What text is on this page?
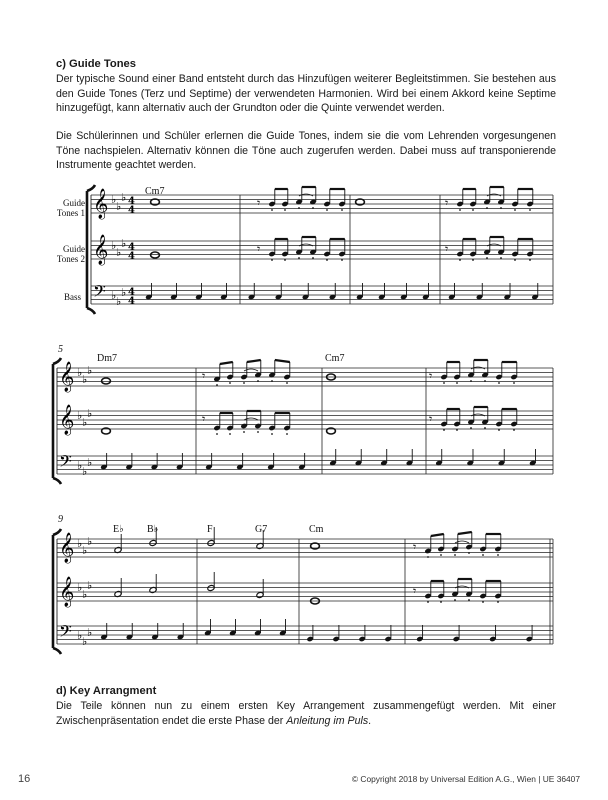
c) Guide Tones
Der typische Sound einer Band entsteht durch das Hinzufügen weiterer Begleitstimmen. Sie bestehen aus den Guide Tones (Terz und Septime) der verwendeten Harmonien. Wird bei einem Akkord keine Septime hinzugefügt, kann alternativ auch der Grundton oder die Quinte verwendet werden.
Die Schülerinnen und Schüler erlernen die Guide Tones, indem sie die vom Lehrenden vorgesungenen Töne nachspielen. Alternativ können die Töne auch zugerufen werden. Dabei muss auf transponierende Instrumente geachtet werden.
𝄞 ♭
♭
♭ 4
4
𝄞 ♭
♭
♭ 4
4
𝄢 ♭ ♭
♭ 4
4
𝄞 ♭
♭
♭
𝄞 ♭
♭
♭
𝄢 ♭ ♭
♭
𝄞 ♭
♭
♭
𝄞 ♭
♭
♭
𝄢 ♭ ♭
♭
𝄾
𝄾
𝄾
𝄾
𝄾
𝄾
𝄾
𝄾
𝄾
𝄾
Guide
Tones 1
Guide
Tones 2
Bass
5
9
Cm7
Dm7	Cm7
E♭ B♭	F	G7	Cm
d) Key Arrangment
Die Teile können nun zu einem ersten Key Arrangement zusammengefügt werden. Mit einer Zwischenpräsentation endet die erste Phase der Anleitung im Puls.
16	© Copyright 2018 by Universal Edition A.G., Wien | UE 36407
